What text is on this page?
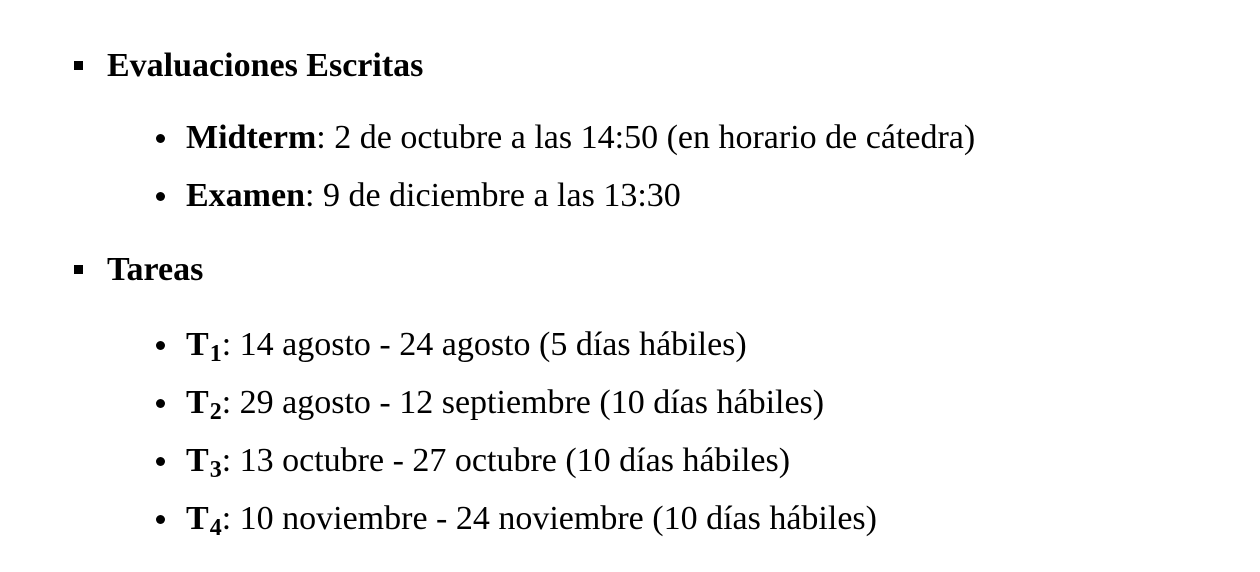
Evaluaciones Escritas
Midterm: 2 de octubre a las 14:50 (en horario de cátedra)
Examen: 9 de diciembre a las 13:30
Tareas
$T_1$: 14 agosto - 24 agosto (5 días hábiles)
$T_2$: 29 agosto - 12 septiembre (10 días hábiles)
$T_3$: 13 octubre - 27 octubre (10 días hábiles)
$T_4$: 10 noviembre - 24 noviembre (10 días hábiles)
